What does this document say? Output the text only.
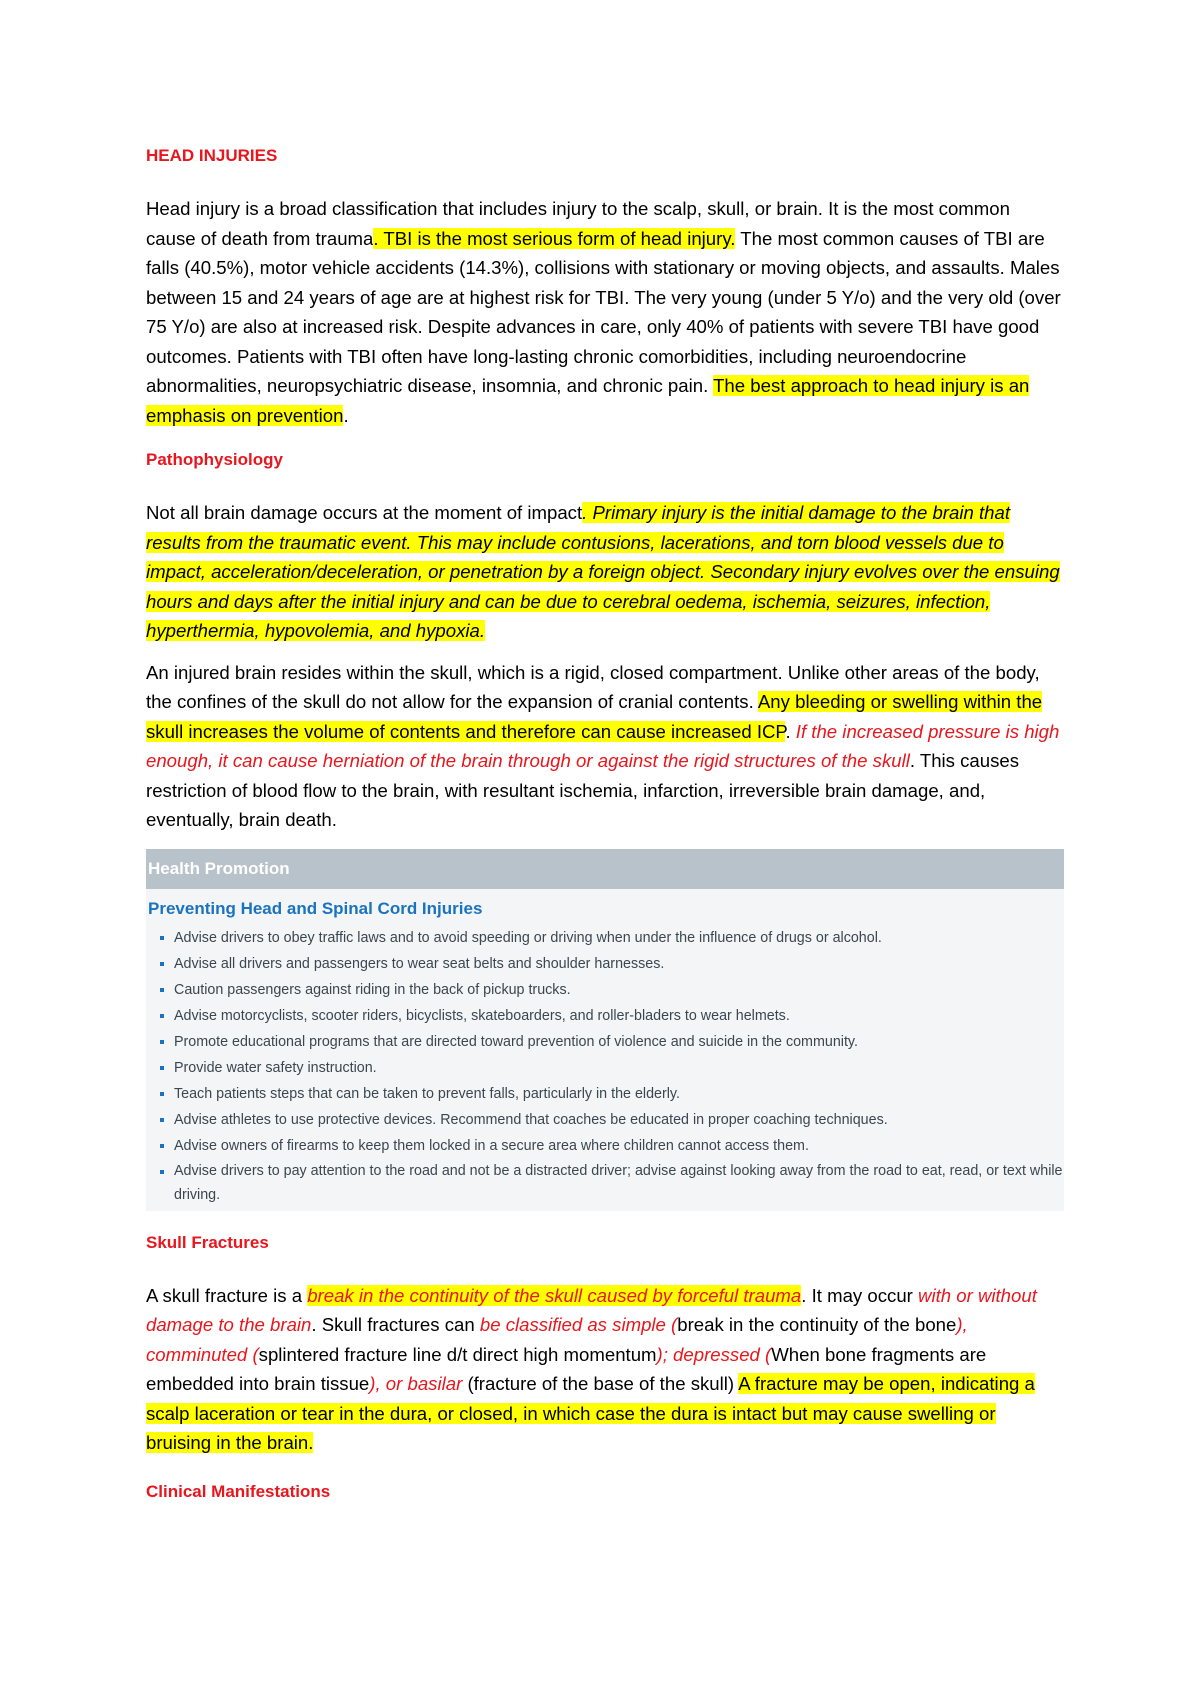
HEAD INJURIES

Head injury is a broad classification that includes injury to the scalp, skull, or brain. It is the most common cause of death from trauma. TBI is the most serious form of head injury. The most common causes of TBI are falls (40.5%), motor vehicle accidents (14.3%), collisions with stationary or moving objects, and assaults. Males between 15 and 24 years of age are at highest risk for TBI. The very young (under 5 Y/o) and the very old (over 75 Y/o) are also at increased risk. Despite advances in care, only 40% of patients with severe TBI have good outcomes. Patients with TBI often have long-lasting chronic comorbidities, including neuroendocrine abnormalities, neuropsychiatric disease, insomnia, and chronic pain. The best approach to head injury is an emphasis on prevention.

Pathophysiology

Not all brain damage occurs at the moment of impact. Primary injury is the initial damage to the brain that results from the traumatic event. This may include contusions, lacerations, and torn blood vessels due to impact, acceleration/deceleration, or penetration by a foreign object. Secondary injury evolves over the ensuing hours and days after the initial injury and can be due to cerebral oedema, ischemia, seizures, infection, hyperthermia, hypovolemia, and hypoxia.

An injured brain resides within the skull, which is a rigid, closed compartment. Unlike other areas of the body, the confines of the skull do not allow for the expansion of cranial contents. Any bleeding or swelling within the skull increases the volume of contents and therefore can cause increased ICP. If the increased pressure is high enough, it can cause herniation of the brain through or against the rigid structures of the skull. This causes restriction of blood flow to the brain, with resultant ischemia, infarction, irreversible brain damage, and, eventually, brain death.

Health Promotion
Preventing Head and Spinal Cord Injuries
Advise drivers to obey traffic laws and to avoid speeding or driving when under the influence of drugs or alcohol.
Advise all drivers and passengers to wear seat belts and shoulder harnesses.
Caution passengers against riding in the back of pickup trucks.
Advise motorcyclists, scooter riders, bicyclists, skateboarders, and roller-bladers to wear helmets.
Promote educational programs that are directed toward prevention of violence and suicide in the community.
Provide water safety instruction.
Teach patients steps that can be taken to prevent falls, particularly in the elderly.
Advise athletes to use protective devices. Recommend that coaches be educated in proper coaching techniques.
Advise owners of firearms to keep them locked in a secure area where children cannot access them.
Advise drivers to pay attention to the road and not be a distracted driver; advise against looking away from the road to eat, read, or text while driving.
Skull Fractures

A skull fracture is a break in the continuity of the skull caused by forceful trauma. It may occur with or without damage to the brain. Skull fractures can be classified as simple (break in the continuity of the bone), comminuted (splintered fracture line d/t direct high momentum); depressed (When bone fragments are embedded into brain tissue), or basilar (fracture of the base of the skull) A fracture may be open, indicating a scalp laceration or tear in the dura, or closed, in which case the dura is intact but may cause swelling or bruising in the brain.

Clinical Manifestations
